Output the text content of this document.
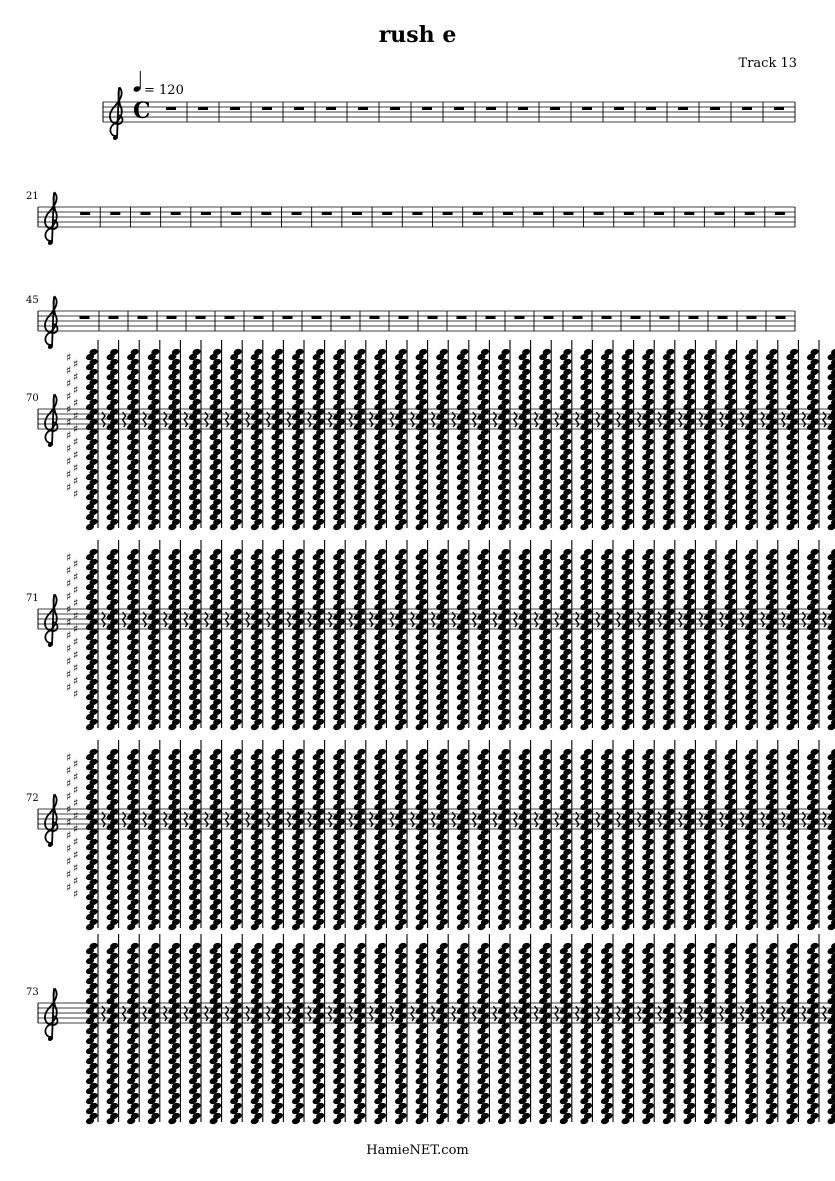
rush e
Track 13
C
= 120
21
45
70
♯ ♯
♯ ♯
♯ ♯
♯ ♯
♯ ♯
♯ ♯
♯ ♯
♯ ♯
♯ ♯
♯ ♯
♯ ♯
71
♯ ♯
♯ ♯
♯ ♯
♯ ♯
♯ ♯
♯ ♯
♯ ♯
♯ ♯
♯ ♯
♯ ♯
♯ ♯
72
♯ ♯
♯ ♯
♯ ♯
♯ ♯
♯ ♯
♯ ♯
♯ ♯
♯ ♯
♯ ♯
♯ ♯
♯ ♯
73
HamieNET.com
